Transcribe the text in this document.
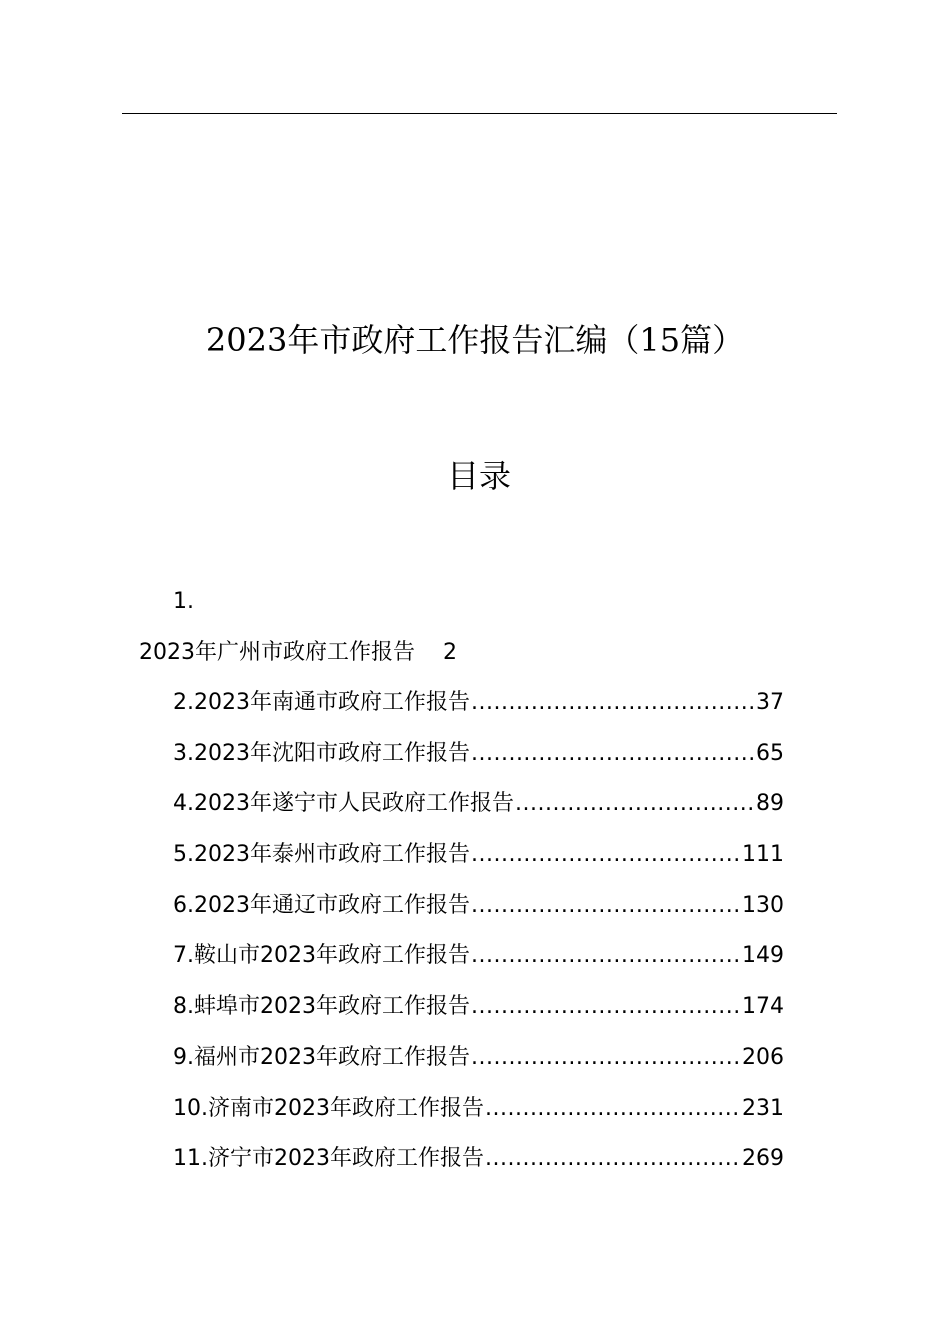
2023年市政府工作报告汇编（15篇）
目录
1.
2023年广州市政府工作报告 2
2.2023年南通市政府工作报告 .....	37
3.2023年沈阳市政府工作报告 .....	65
4.2023年遂宁市人民政府工作报告 .....	89
5.2023年泰州市政府工作报告 .....	111
6.2023年通辽市政府工作报告 .....	130
7.鞍山市2023年政府工作报告 .....	149
8.蚌埠市2023年政府工作报告 .....	174
9.福州市2023年政府工作报告 .....	206
10.济南市2023年政府工作报告 .....	231
11.济宁市2023年政府工作报告 .....	269
